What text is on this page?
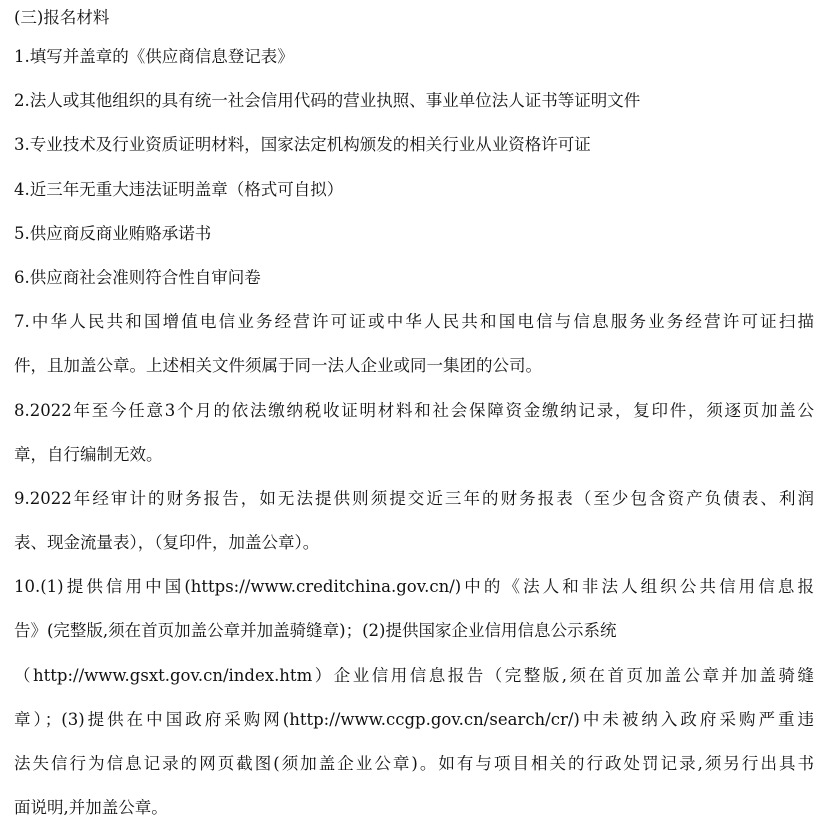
(三)报名材料
1.填写并盖章的《供应商信息登记表》
2.法人或其他组织的具有统一社会信用代码的营业执照、事业单位法人证书等证明文件
3.专业技术及行业资质证明材料，国家法定机构颁发的相关行业从业资格许可证
4.近三年无重大违法证明盖章（格式可自拟）
5.供应商反商业贿赂承诺书
6.供应商社会准则符合性自审问卷
7.中华人民共和国增值电信业务经营许可证或中华人民共和国电信与信息服务业务经营许可证扫描
件，且加盖公章。上述相关文件须属于同一法人企业或同一集团的公司。
8.2022年至今任意3个月的依法缴纳税收证明材料和社会保障资金缴纳记录，复印件，须逐页加盖公
章，自行编制无效。
9.2022年经审计的财务报告，如无法提供则须提交近三年的财务报表（至少包含资产负债表、利润
表、现金流量表），（复印件，加盖公章）。
10.(1)提供信用中国(https://www.creditchina.gov.cn/)中的《法人和非法人组织公共信用信息报
告》(完整版,须在首页加盖公章并加盖骑缝章)；(2)提供国家企业信用信息公示系统
（http://www.gsxt.gov.cn/index.htm）企业信用信息报告（完整版,须在首页加盖公章并加盖骑缝
章）；(3)提供在中国政府采购网(http://www.ccgp.gov.cn/search/cr/)中未被纳入政府采购严重违
法失信行为信息记录的网页截图(须加盖企业公章)。如有与项目相关的行政处罚记录,须另行出具书
面说明,并加盖公章。
